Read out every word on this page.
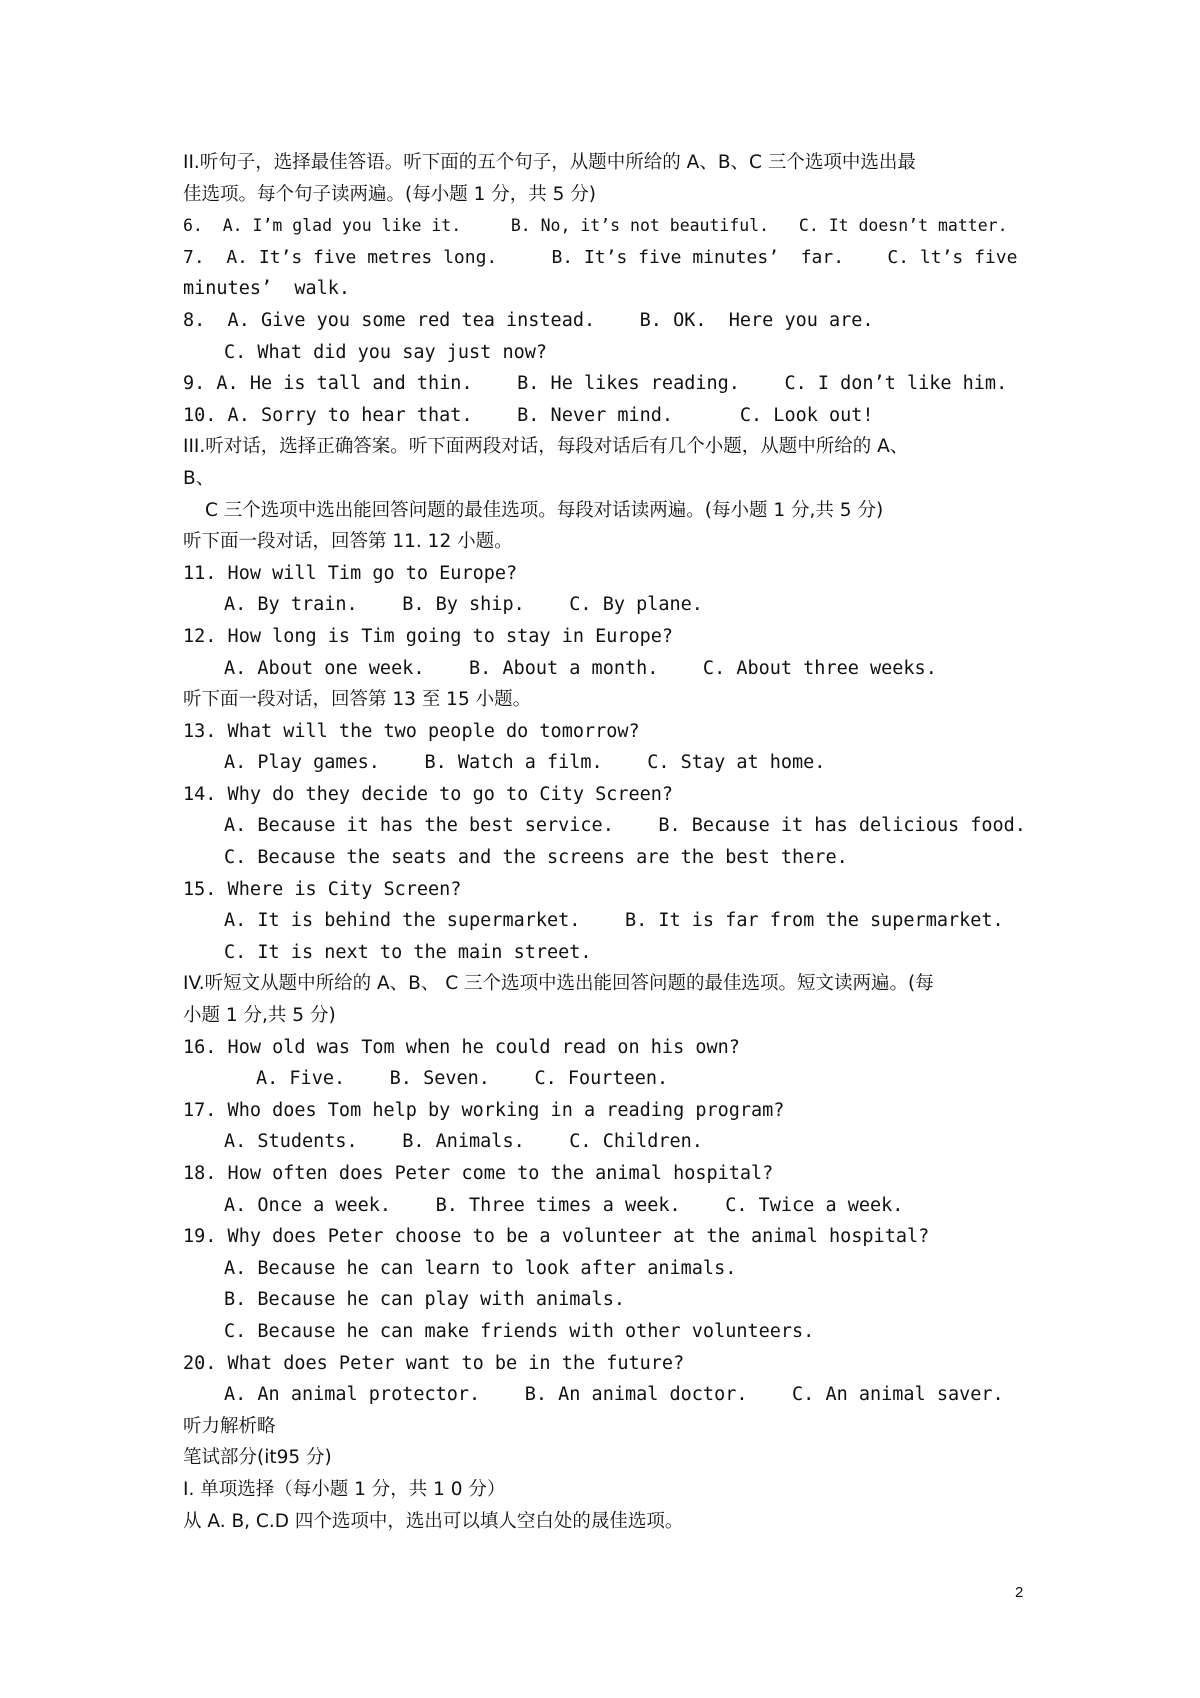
II.听句子，选择最佳答语。听下面的五个句子，从题中所给的 A、B、C 三个选项中选出最
佳选项。每个句子读两遍。(每小题 1 分，共 5 分)
6.  A. I’m glad you like it.     B. No, it’s not beautiful.   C. It doesn’t matter.
7.  A. It’s five metres long.     B. It’s five minutes’  far.    C. lt’s five
minutes’  walk.
8.  A. Give you some red tea instead.    B. OK.  Here you are.
C. What did you say just now?
9. A. He is tall and thin.    B. He likes reading.    C. I don’t like him.
10. A. Sorry to hear that.    B. Never mind.      C. Look out!
III.听对话，选择正确答案。听下面两段对话，每段对话后有几个小题，从题中所给的 A、
B、
C 三个选项中选出能回答问题的最佳选项。每段对话读两遍。(每小题 1 分,共 5 分)
听下面一段对话，回答第 11. 12 小题。
11. How will Tim go to Europe?
A. By train.    B. By ship.    C. By plane.
12. How long is Tim going to stay in Europe?
A. About one week.    B. About a month.    C. About three weeks.
听下面一段对话，回答第 13 至 15 小题。
13. What will the two people do tomorrow?
A. Play games.    B. Watch a film.    C. Stay at home.
14. Why do they decide to go to City Screen?
A. Because it has the best service.    B. Because it has delicious food.
C. Because the seats and the screens are the best there.
15. Where is City Screen?
A. It is behind the supermarket.    B. It is far from the supermarket.
C. It is next to the main street.
IV.听短文从题中所给的 A、B、 C 三个选项中选出能回答问题的最佳选项。短文读两遍。(每
小题 1 分,共 5 分)
16. How old was Tom when he could read on his own?
A. Five.    B. Seven.    C. Fourteen.
17. Who does Tom help by working in a reading program?
A. Students.    B. Animals.    C. Children.
18. How often does Peter come to the animal hospital?
A. Once a week.    B. Three times a week.    C. Twice a week.
19. Why does Peter choose to be a volunteer at the animal hospital?
A. Because he can learn to look after animals.
B. Because he can play with animals.
C. Because he can make friends with other volunteers.
20. What does Peter want to be in the future?
A. An animal protector.    B. An animal doctor.    C. An animal saver.
听力解析略
笔试部分(it95 分)
I. 单项选择（每小题 1 分，共 1 0 分）
从 A. B, C.D 四个选项中，选出可以填人空白处的晟佳选项。
2
